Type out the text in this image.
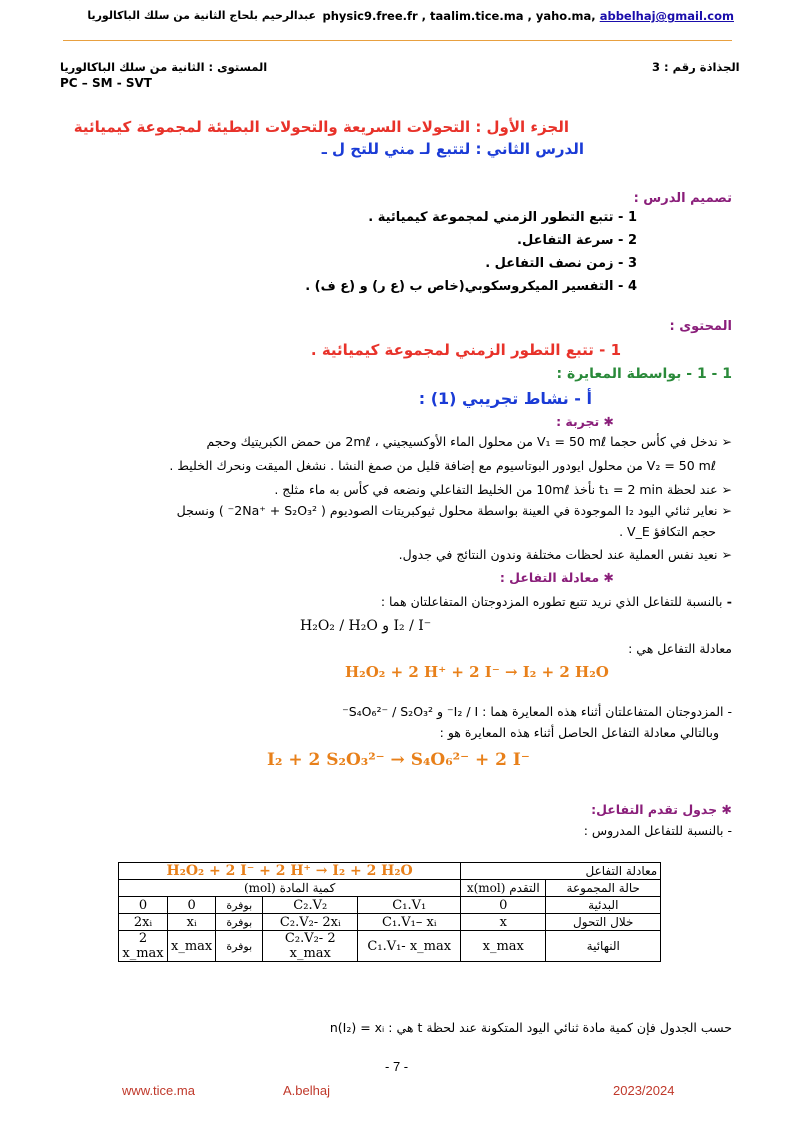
physic9.free.fr , taalim.tice.ma , yaho.ma, abbelhaj@gmail.com
عبدالرحيم بلحاج الثانية من سلك الباكالوريا
الجذاذة رقم : 3
المستوى : الثانية من سلك الباكالوريا
PC – SM - SVT
الجزء الأول : التحولات السريعة والتحولات البطيئة لمجموعة كيميائية
الدرس الثاني : لتتبع لـ مني للتح ل ـ
تصميم الدرس :
1 - تتبع التطور الزمني لمجموعة كيميائية .
2 - سرعة التفاعل.
3 - زمن نصف التفاعل .
4 - التفسير الميكروسكوبي(خاص ب (ع ر) و (ع ف) .
المحتوى :
1 - تتبع التطور الزمني لمجموعة كيميائية .
1 - 1 - بواسطة المعايرة :
أ - نشاط تجريبي (1) :
✱ تجربة :
➢ ندخل في كأس حجما V₁ = 50 mℓ من محلول الماء الأوكسيجيني ، 2mℓ من حمض الكبريتيك وحجم
V₂ = 50 mℓ من محلول ايودور البوتاسيوم مع إضافة قليل من صمغ النشا . نشغل الميقت ونحرك الخليط .
➢ عند لحظة t₁ = 2 min نأخذ 10mℓ من الخليط التفاعلي ونضعه في كأس به ماء مثلج .
➢ نعاير ثنائي اليود I₂ الموجودة في العينة بواسطة محلول ثيوكبريتات الصوديوم ( 2Na⁺ + S₂O₃²⁻ ) ونسجل
حجم التكافؤ V_E .
➢ نعيد نفس العملية عند لحظات مختلفة وندون النتائج في جدول.
✱ معادلة التفاعل :
- بالنسبة للتفاعل الذي نريد تتبع تطوره المزدوجتان المتفاعلتان هما :
H₂O₂ / H₂O و I₂ / I⁻
معادلة التفاعل هي :
H₂O₂ + 2 H⁺ + 2 I⁻ → I₂ + 2 H₂O
- المزدوجتان المتفاعلتان أثناء هذه المعايرة هما : I₂ / I⁻ و S₄O₆²⁻ / S₂O₃²⁻
وبالتالي معادلة التفاعل الحاصل أثناء هذه المعايرة هو :
I₂ + 2 S₂O₃²⁻ → S₄O₆²⁻ + 2 I⁻
✱ جدول تقدم التفاعل:
- بالنسبة للتفاعل المدروس :
معادلة التفاعل		H₂O₂ + 2 I⁻ + 2 H⁺ → I₂ + 2 H₂O				
حالة المجموعة	التقدم x(mol)	كمية المادة (mol)				
البدئية	0	C₁.V₁	C₂.V₂	بوفرة	0	0
خلال التحول	x	C₁.V₁– xᵢ	C₂.V₂- 2xᵢ	بوفرة	xᵢ	2xᵢ
النهائية	x_max	C₁.V₁- x_max	C₂.V₂- 2 x_max	بوفرة	x_max	2 x_max
حسب الجدول فإن كمية مادة ثنائي اليود المتكونة عند لحظة t هي : n(I₂) = xᵢ
- 7 -
www.tice.ma	A.belhaj	2023/2024
